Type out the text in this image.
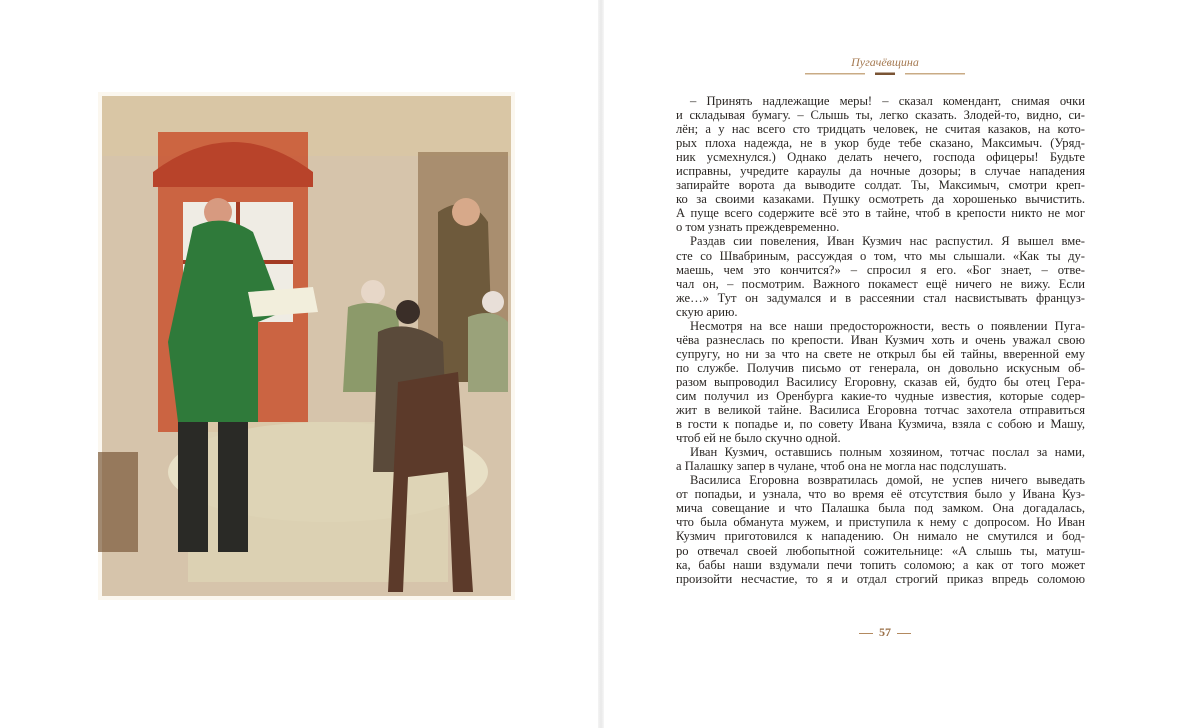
Пугачёвщина
– Принять надлежащие меры! – сказал комендант, снимая очки
и складывая бумагу. – Слышь ты, легко сказать. Злодей-то, видно, си-
лён; а у нас всего сто тридцать человек, не считая казаков, на кото-
рых плоха надежда, не в укор буде тебе сказано, Максимыч. (Уряд-
ник усмехнулся.) Однако делать нечего, господа офицеры! Будьте
исправны, учредите караулы да ночные дозоры; в случае нападения
запирайте ворота да выводите солдат. Ты, Максимыч, смотри креп-
ко за своими казаками. Пушку осмотреть да хорошенько вычистить.
А пуще всего содержите всё это в тайне, чтоб в крепости никто не мог
о том узнать преждевременно.
Раздав сии повеления, Иван Кузмич нас распустил. Я вышел вме-
сте со Швабриным, рассуждая о том, что мы слышали. «Как ты ду-
маешь, чем это кончится?» – спросил я его. «Бог знает, – отве-
чал он, – посмотрим. Важного покамест ещё ничего не вижу. Если
же…» Тут он задумался и в рассеянии стал насвистывать француз-
скую арию.
Несмотря на все наши предосторожности, весть о появлении Пуга-
чёва разнеслась по крепости. Иван Кузмич хоть и очень уважал свою
супругу, но ни за что на свете не открыл бы ей тайны, вверенной ему
по службе. Получив письмо от генерала, он довольно искусным об-
разом выпроводил Василису Егоровну, сказав ей, будто бы отец Гера-
сим получил из Оренбурга какие-то чудные известия, которые содер-
жит в великой тайне. Василиса Егоровна тотчас захотела отправиться
в гости к попадье и, по совету Ивана Кузмича, взяла с собою и Машу,
чтоб ей не было скучно одной.
Иван Кузмич, оставшись полным хозяином, тотчас послал за нами,
а Палашку запер в чулане, чтоб она не могла нас подслушать.
Василиса Егоровна возвратилась домой, не успев ничего выведать
от попадьи, и узнала, что во время её отсутствия было у Ивана Куз-
мича совещание и что Палашка была под замком. Она догадалась,
что была обманута мужем, и приступила к нему с допросом. Но Иван
Кузмич приготовился к нападению. Он нимало не смутился и бод-
ро отвечал своей любопытной сожительнице: «А слышь ты, матуш-
ка, бабы наши вздумали печи топить соломою; а как от того может
произойти несчастие, то я и отдал строгий приказ впредь соломою
57
